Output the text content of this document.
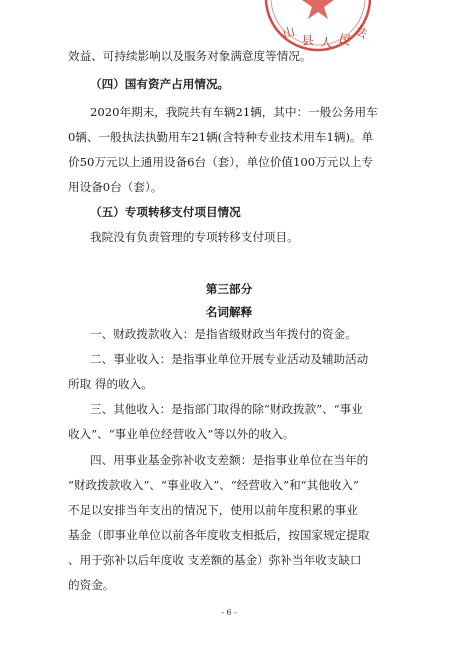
山 县 人 民 法
效益、可持续影响以及服务对象满意度等情况。
（四）国有资产占用情况。
2020年期末，我院共有车辆21辆，其中：一般公务用车
0辆、一般执法执勤用车21辆(含特种专业技术用车1辆)。单
价50万元以上通用设备6台（套），单位价值100万元以上专
用设备0台（套）。
（五）专项转移支付项目情况
我院没有负责管理的专项转移支付项目。
第三部分
名词解释
一、财政拨款收入：是指省级财政当年拨付的资金。
二、事业收入：是指事业单位开展专业活动及辅助活动
所取 得的收入。
三、其他收入：是指部门取得的除“财政拨款”、“事业
收入”、“事业单位经营收入”等以外的收入。
四、用事业基金弥补收支差额：是指事业单位在当年的
“财政拨款收入”、“事业收入”、“经营收入”和“其他收入”
不足以安排当年支出的情况下，使用以前年度积累的事业
基金（即事业单位以前各年度收支相抵后，按国家规定提取
、用于弥补以后年度收 支差额的基金）弥补当年收支缺口
的资金。
- 6 -
